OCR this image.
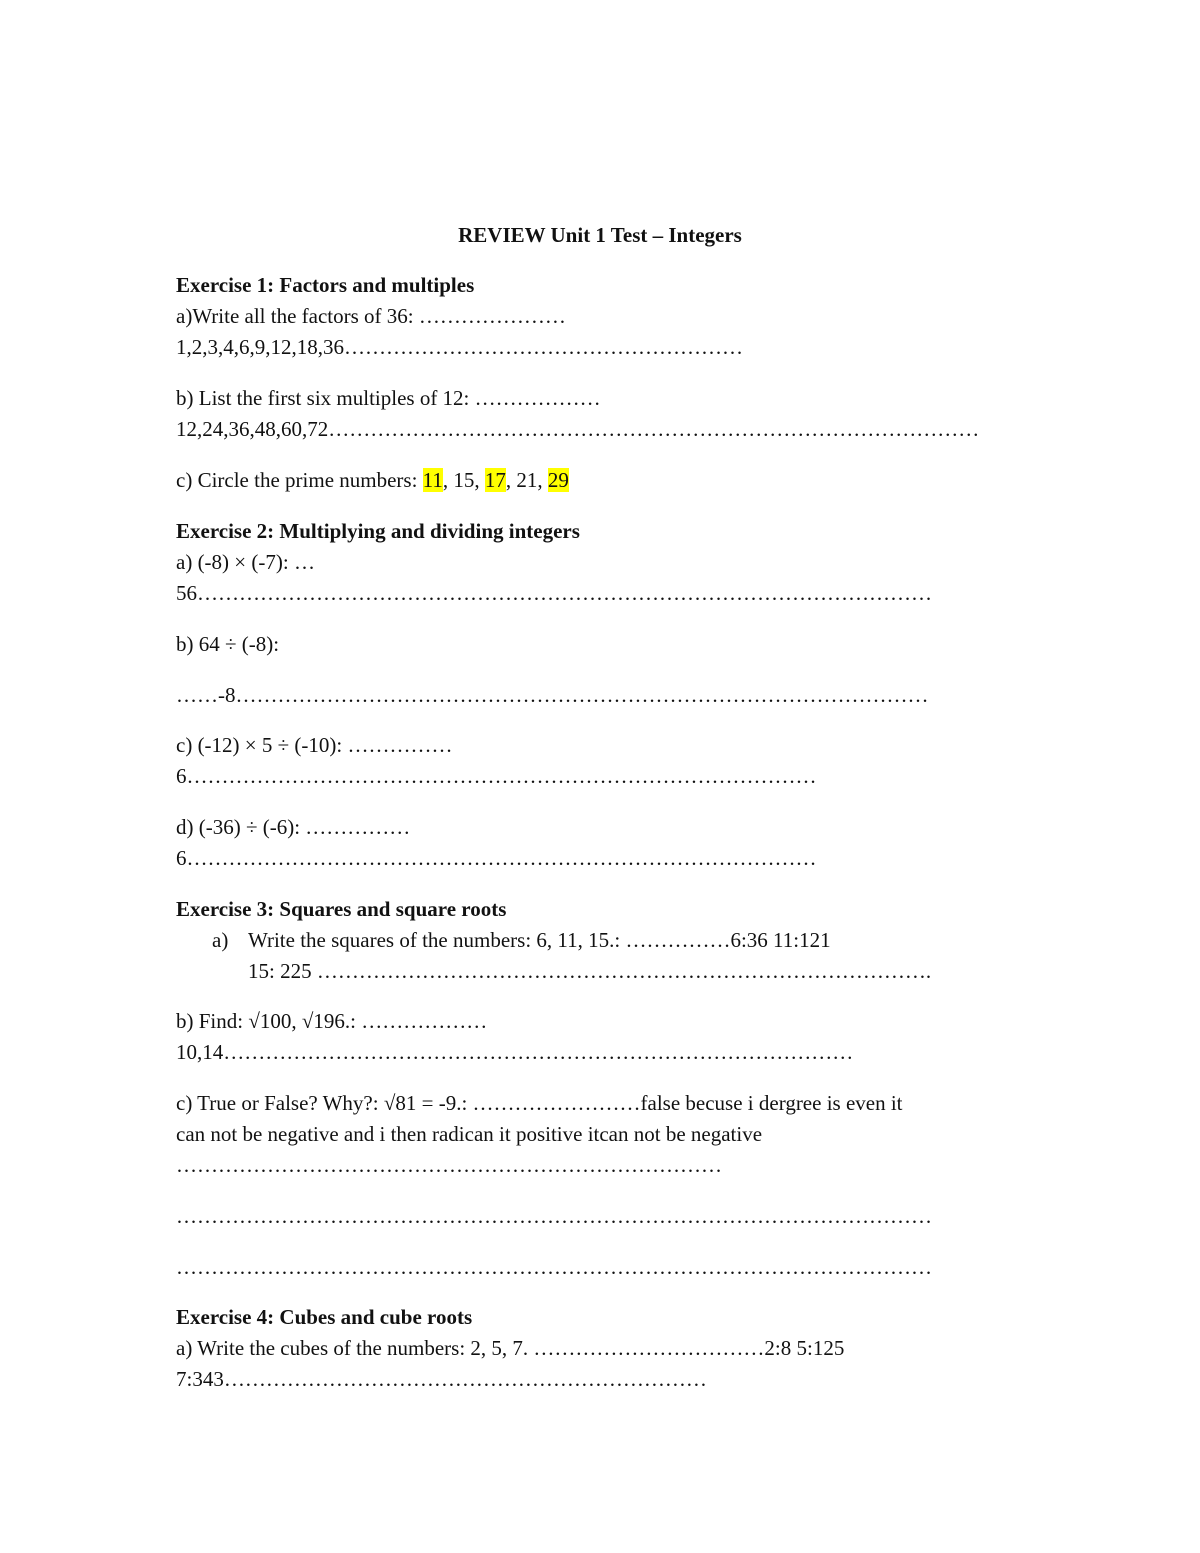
REVIEW Unit 1 Test – Integers
Exercise 1: Factors and multiples
a)Write all the factors of 36: …………………
1,2,3,4,6,9,12,18,36…………………………………………………
b) List the first six multiples of 12: ………………
12,24,36,48,60,72…………………………………………………………………………………
c) Circle the prime numbers: 11, 15, 17, 21, 29
Exercise 2: Multiplying and dividing integers
a) (-8) × (-7): …
56……………………………………………………………………………………………
b) 64 ÷ (-8):
……-8………………………………………………………………………………………
c) (-12) × 5 ÷ (-10): ……………
6………………………………………………………………………………
d) (-36) ÷ (-6): ……………
6………………………………………………………………………………
Exercise 3: Squares and square roots
a) Write the squares of the numbers: 6, 11, 15.: ……………6:36 11:121
15: 225 …………………………………………………………………………….
b) Find: √100, √196.: ………………
10,14………………………………………………………………………………
c) True or False? Why?: √81 = -9.: ……………………false becuse i dergree is even it
can not be negative and i then radican it positive itcan not be negative
……………………………………………………………………
………………………………………………………………………………………………
………………………………………………………………………………………………
Exercise 4: Cubes and cube roots
a) Write the cubes of the numbers: 2, 5, 7. ……………………………2:8 5:125
7:343……………………………………………………………
